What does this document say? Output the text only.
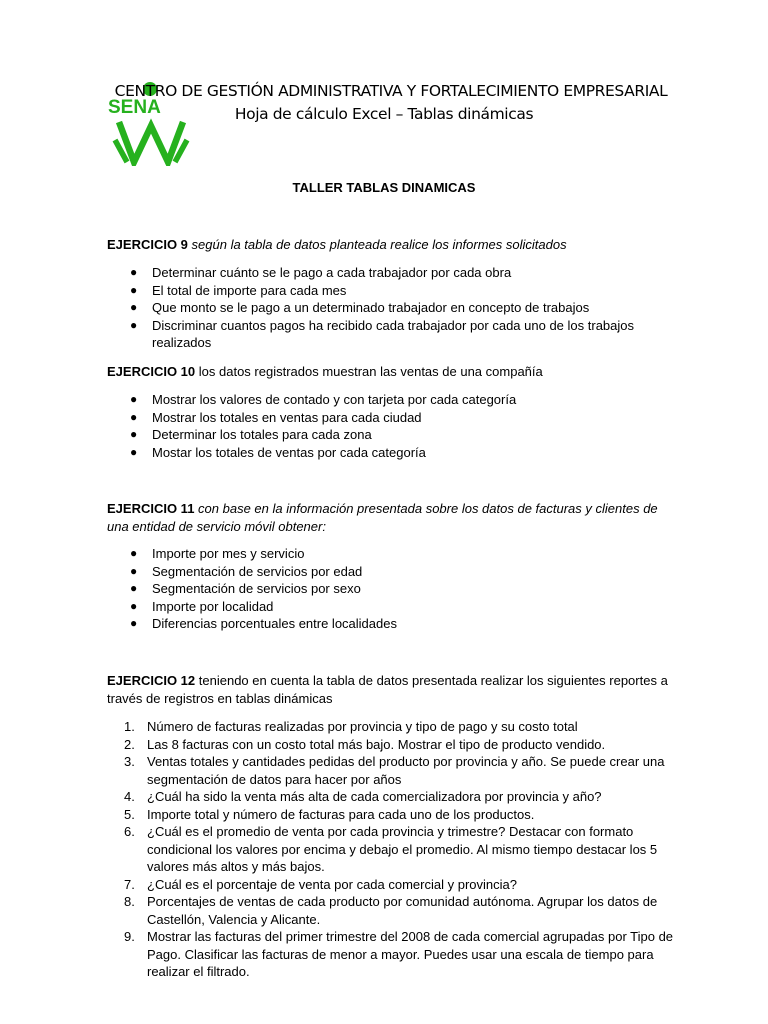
SENA
CENTRO DE GESTIÓN ADMINISTRATIVA Y FORTALECIMIENTO EMPRESARIAL
Hoja de cálculo Excel – Tablas dinámicas
TALLER TABLAS DINAMICAS
EJERCICIO 9 según la tabla de datos planteada realice los informes solicitados
● Determinar cuánto se le pago a cada trabajador por cada obra
● El total de importe para cada mes
● Que monto se le pago a un determinado trabajador en concepto de trabajos
● Discriminar cuantos pagos ha recibido cada trabajador por cada uno de los trabajos realizados
EJERCICIO 10 los datos registrados muestran las ventas de una compañía
● Mostrar los valores de contado y con tarjeta por cada categoría
● Mostrar los totales en ventas para cada ciudad
● Determinar los totales para cada zona
● Mostar los totales de ventas por cada categoría
EJERCICIO 11 con base en la información presentada sobre los datos de facturas y clientes de una entidad de servicio móvil obtener:
● Importe por mes y servicio
● Segmentación de servicios por edad
● Segmentación de servicios por sexo
● Importe por localidad
● Diferencias porcentuales entre localidades
EJERCICIO 12 teniendo en cuenta la tabla de datos presentada realizar los siguientes reportes a través de registros en tablas dinámicas
1. Número de facturas realizadas por provincia y tipo de pago y su costo total
2. Las 8 facturas con un costo total más bajo. Mostrar el tipo de producto vendido.
3. Ventas totales y cantidades pedidas del producto por provincia y año. Se puede crear una segmentación de datos para hacer por años
4. ¿Cuál ha sido la venta más alta de cada comercializadora por provincia y año?
5. Importe total y número de facturas para cada uno de los productos.
6. ¿Cuál es el promedio de venta por cada provincia y trimestre? Destacar con formato condicional los valores por encima y debajo el promedio. Al mismo tiempo destacar los 5 valores más altos y más bajos.
7. ¿Cuál es el porcentaje de venta por cada comercial y provincia?
8. Porcentajes de ventas de cada producto por comunidad autónoma. Agrupar los datos de Castellón, Valencia y Alicante.
9. Mostrar las facturas del primer trimestre del 2008 de cada comercial agrupadas por Tipo de Pago. Clasificar las facturas de menor a mayor. Puedes usar una escala de tiempo para realizar el filtrado.
